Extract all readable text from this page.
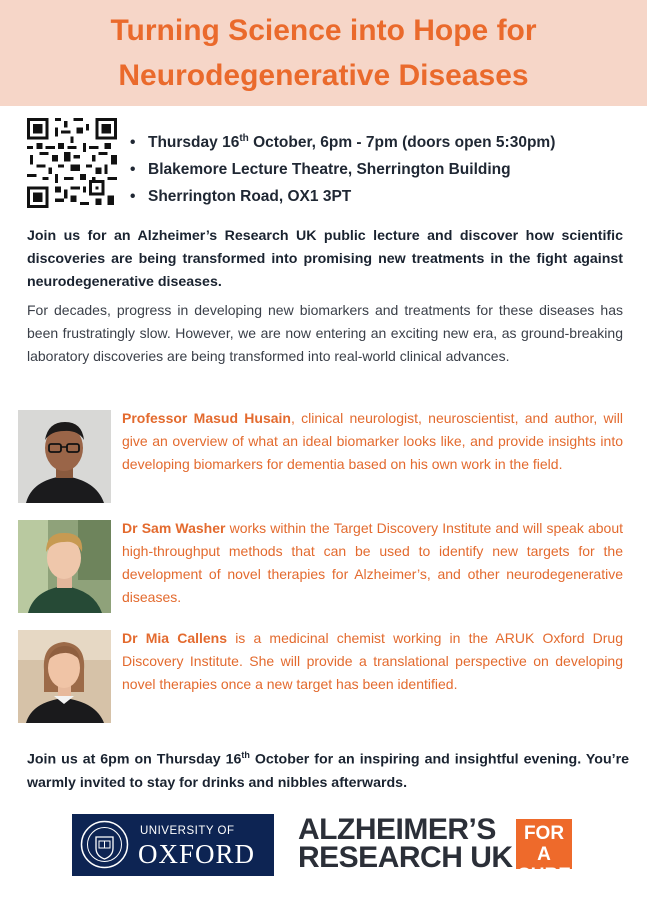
Turning Science into Hope for
Neurodegenerative Diseases
• Thursday 16th October, 6pm - 7pm (doors open 5:30pm)
• Blakemore Lecture Theatre, Sherrington Building
• Sherrington Road, OX1 3PT

Join us for an Alzheimer’s Research UK public lecture and discover how scientific discoveries are being transformed into promising new treatments in the fight against neurodegenerative diseases.

For decades, progress in developing new biomarkers and treatments for these diseases has been frustratingly slow. However, we are now entering an exciting new era, as ground-breaking laboratory discoveries are being transformed into real-world clinical advances.

Professor Masud Husain, clinical neurologist, neuroscientist, and author, will give an overview of what an ideal biomarker looks like, and provide insights into developing biomarkers for dementia based on his own work in the field.

Dr Sam Washer works within the Target Discovery Institute and will speak about high-throughput methods that can be used to identify new targets for the development of novel therapies for Alzheimer’s, and other neurodegenerative diseases.

Dr Mia Callens is a medicinal chemist working in the ARUK Oxford Drug Discovery Institute. She will provide a translational perspective on developing novel therapies once a new target has been identified.

Join us at 6pm on Thursday 16th October for an inspiring and insightful evening. You’re warmly invited to stay for drinks and nibbles afterwards.

UNIVERSITY OF
OXFORD
ALZHEIMER’S
RESEARCH UK
FOR A
CURE
